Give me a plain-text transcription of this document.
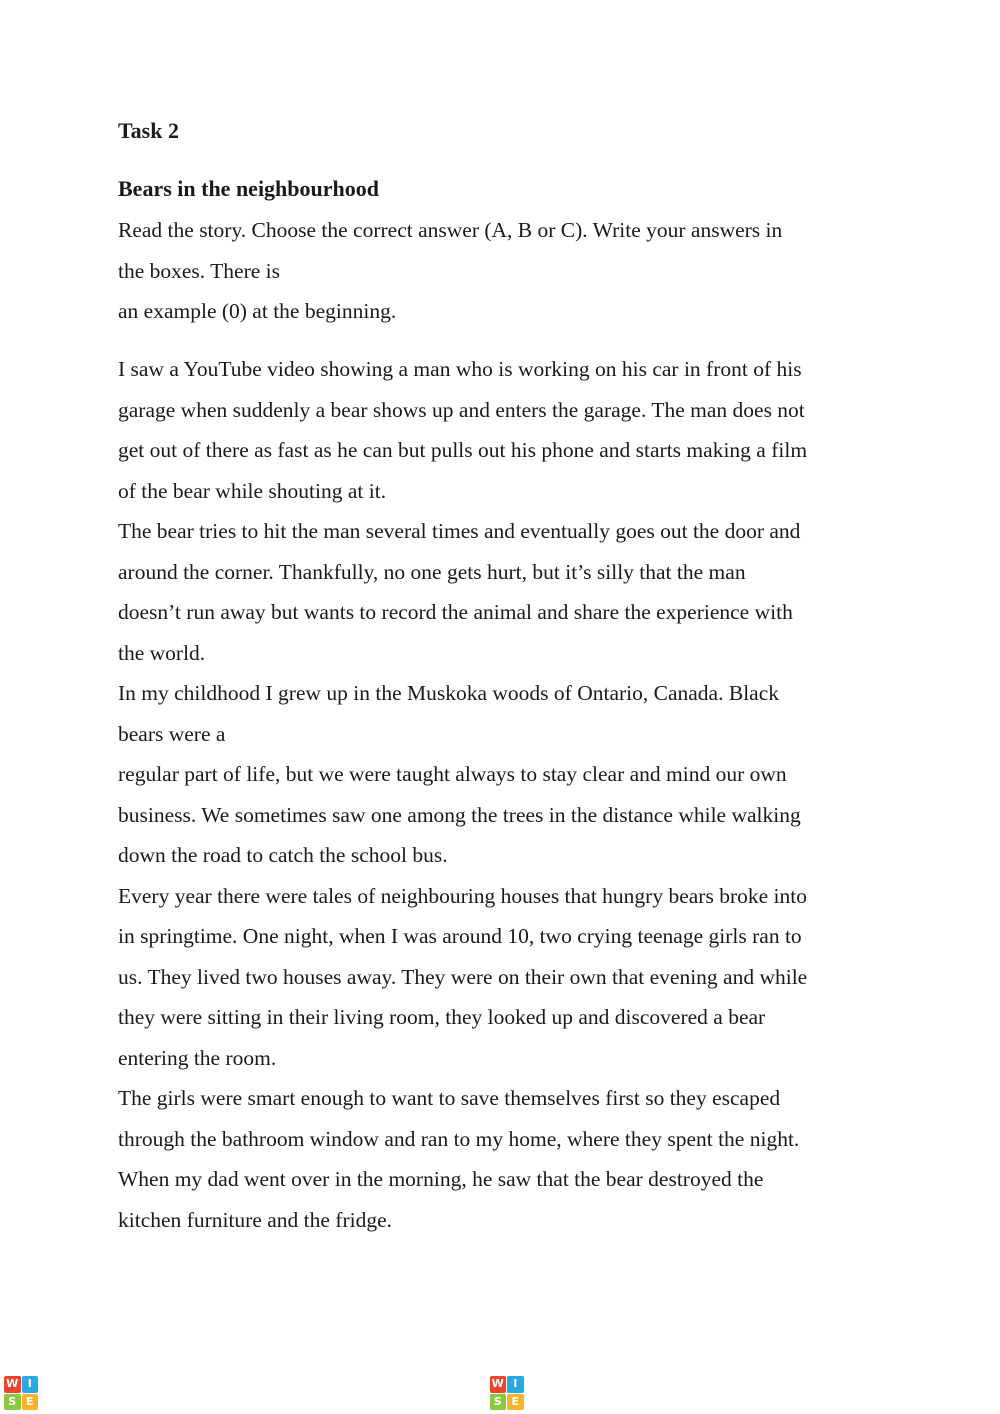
Task 2
Bears in the neighbourhood

Read the story. Choose the correct answer (A, B or C). Write your answers in
the boxes. There is
an example (0) at the beginning.

I saw a YouTube video showing a man who is working on his car in front of his
garage when suddenly a bear shows up and enters the garage. The man does not
get out of there as fast as he can but pulls out his phone and starts making a film
of the bear while shouting at it.
The bear tries to hit the man several times and eventually goes out the door and
around the corner. Thankfully, no one gets hurt, but it’s silly that the man
doesn’t run away but wants to record the animal and share the experience with
the world.
In my childhood I grew up in the Muskoka woods of Ontario, Canada. Black
bears were a
regular part of life, but we were taught always to stay clear and mind our own
business. We sometimes saw one among the trees in the distance while walking
down the road to catch the school bus.
Every year there were tales of neighbouring houses that hungry bears broke into
in springtime. One night, when I was around 10, two crying teenage girls ran to
us. They lived two houses away. They were on their own that evening and while
they were sitting in their living room, they looked up and discovered a bear
entering the room.
The girls were smart enough to want to save themselves first so they escaped
through the bathroom window and ran to my home, where they spent the night.
When my dad went over in the morning, he saw that the bear destroyed the
kitchen furniture and the fridge.
W I
S E WISEWORKSHEETS.COM W I
S E WISEWORKSHEETS.COM
